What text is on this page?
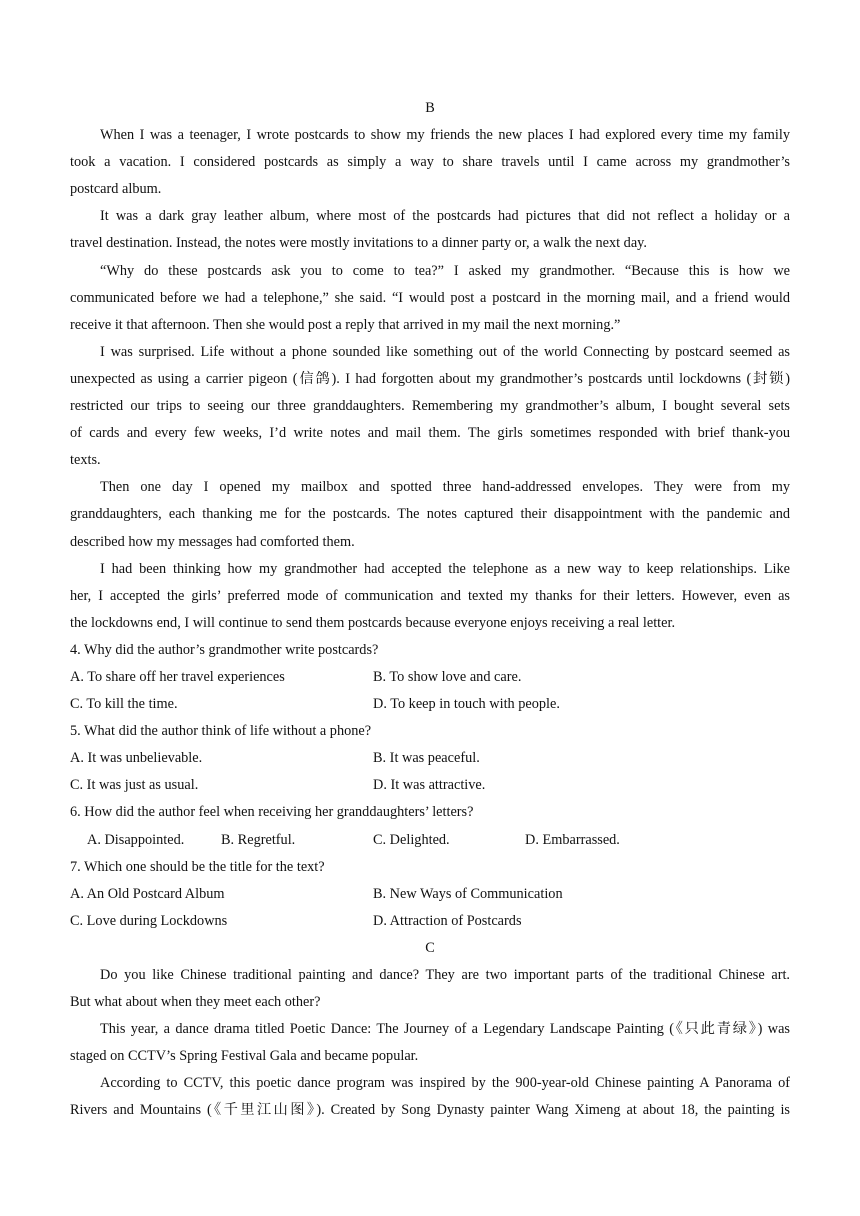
B
When I was a teenager, I wrote postcards to show my friends the new places I had explored every time my family
took a vacation. I considered postcards as simply a way to share travels until I came across my grandmother’s
postcard album.
It was a dark gray leather album, where most of the postcards had pictures that did not reflect a holiday or a
travel destination. Instead, the notes were mostly invitations to a dinner party or, a walk the next day.
“Why do these postcards ask you to come to tea?” I asked my grandmother. “Because this is how we
communicated before we had a telephone,” she said. “I would post a postcard in the morning mail, and a friend would
receive it that afternoon. Then she would post a reply that arrived in my mail the next morning.”
I was surprised. Life without a phone sounded like something out of the world Connecting by postcard seemed as
unexpected as using a carrier pigeon (信鸽). I had forgotten about my grandmother’s postcards until lockdowns (封锁)
restricted our trips to seeing our three granddaughters. Remembering my grandmother’s album, I bought several sets
of cards and every few weeks, I’d write notes and mail them. The girls sometimes responded with brief thank-you
texts.
Then one day I opened my mailbox and spotted three hand-addressed envelopes. They were from my
granddaughters, each thanking me for the postcards. The notes captured their disappointment with the pandemic and
described how my messages had comforted them.
I had been thinking how my grandmother had accepted the telephone as a new way to keep relationships. Like
her, I accepted the girls’ preferred mode of communication and texted my thanks for their letters. However, even as
the lockdowns end, I will continue to send them postcards because everyone enjoys receiving a real letter.
4. Why did the author’s grandmother write postcards?
A. To share off her travel experiences	B. To show love and care.
C. To kill the time.	D. To keep in touch with people.
5. What did the author think of life without a phone?
A. It was unbelievable.	B. It was peaceful.
C. It was just as usual.	D. It was attractive.
6. How did the author feel when receiving her granddaughters’ letters?
A. Disappointed.	B. Regretful.	C. Delighted.	D. Embarrassed.
7. Which one should be the title for the text?
A. An Old Postcard Album	B. New Ways of Communication
C. Love during Lockdowns	D. Attraction of Postcards
C
Do you like Chinese traditional painting and dance? They are two important parts of the traditional Chinese art.
But what about when they meet each other?
This year, a dance drama titled Poetic Dance: The Journey of a Legendary Landscape Painting (《只此青绿》) was
staged on CCTV’s Spring Festival Gala and became popular.
According to CCTV, this poetic dance program was inspired by the 900-year-old Chinese painting A Panorama of
Rivers and Mountains (《千里江山图》). Created by Song Dynasty painter Wang Ximeng at about 18, the painting is
